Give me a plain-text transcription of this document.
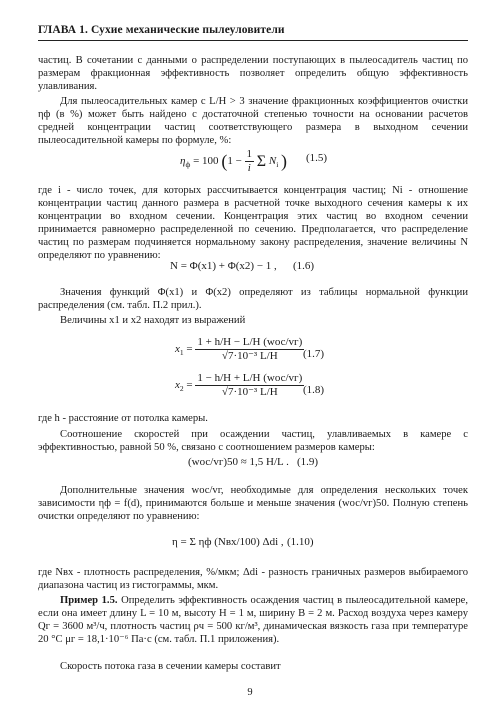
ГЛАВА 1. Сухие механические пылеуловители

частиц. В сочетании с данными о распределении поступающих в пылеосадитель частиц по размерам фракционная эффективность позволяет определить общую эффективность улавливания.

Для пылеосадительных камер с L/H > 3 значение фракционных коэффициентов очистки ηф (в %) может быть найдено с достаточной степенью точности на основании расчетов средней концентрации частиц соответствующего размера в выходном сечении пылеосадительной камеры по формуле, %:

$\eta_ф = 100$ ($1 - \frac{1}{i}$ Σ $N_i$ ) (1.5)

где i - число точек, для которых рассчитывается концентрация частиц; Ni - отношение концентрации частиц данного размера в расчетной точке выходного сечения камеры к их концентрации во входном сечении. Концентрация этих частиц во входном сечении принимается равномерно распределенной по сечению. Предполагается, что распределение частиц по размерам подчиняется нормальному закону распределения, значение величины N определяют по уравнению:

N = Φ(x1) + Φ(x2) − 1 , (1.6)

Значения функций Φ(x1) и Φ(x2) определяют из таблицы нормальной функции распределения (см. табл. П.2 прил.).

Величины x1 и x2 находят из выражений

$x_1 = \frac{\text{1 + h/H − L/H (wос/vг)}}{\text{√7·10⁻³ L/H}}$
(1.7)
$x_2 = \frac{\text{1 − h/H + L/H (wос/vг)}}{\text{√7·10⁻³ L/H}}$
(1.8)

где h - расстояние от потолка камеры.

Соотношение скоростей при осаждении частиц, улавливаемых в камере с эффективностью, равной 50 %, связано с соотношением размеров камеры:

(wос/vг)50 ≈ 1,5 H/L . (1.9)

Дополнительные значения wос/vг, необходимые для определения нескольких точек зависимости ηф = f(d), принимаются больше и меньше значения (wос/vг)50. Полную степень очистки определяют по уравнению:

η = Σ ηф (Nвх/100) Δdi , (1.10)

где Nвх - плотность распределения, %/мкм; Δdi - разность граничных размеров выбираемого диапазона частиц из гистограммы, мкм.

Пример 1.5. Определить эффективность осаждения частиц в пылеосадительной камере, если она имеет длину L = 10 м, высоту H = 1 м, ширину B = 2 м. Расход воздуха через камеру Qг = 3600 м³/ч, плотность частиц ρч = 500 кг/м³, динамическая вязкость газа при температуре 20 °С μг = 18,1·10⁻⁶ Па·с (см. табл. П.1 приложения).

Скорость потока газа в сечении камеры составит

9
